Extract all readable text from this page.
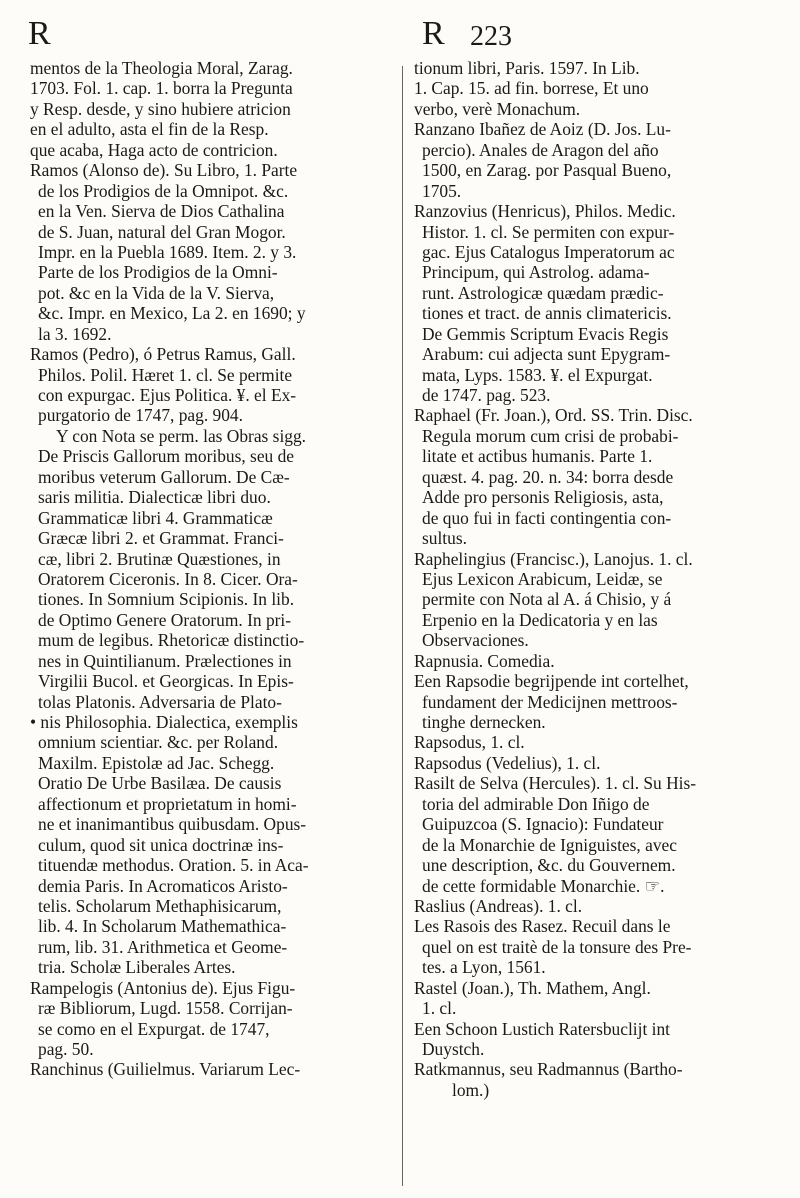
R	R 223
mentos de la Theologia Moral, Zarag.
1703. Fol. 1. cap. 1. borra la Pregunta
y Resp. desde, y sino hubiere atricion
en el adulto, asta el fin de la Resp.
que acaba, Haga acto de contricion.
Ramos (Alonso de). Su Libro, 1. Parte
de los Prodigios de la Omnipot. &c.
en la Ven. Sierva de Dios Cathalina
de S. Juan, natural del Gran Mogor.
Impr. en la Puebla 1689. Item. 2. y 3.
Parte de los Prodigios de la Omni-
pot. &c en la Vida de la V. Sierva,
&c. Impr. en Mexico, La 2. en 1690; y
la 3. 1692.
Ramos (Pedro), ó Petrus Ramus, Gall.
Philos. Polil. Hæret 1. cl. Se permite
con expurgac. Ejus Politica. ¥. el Ex-
purgatorio de 1747, pag. 904.
Y con Nota se perm. las Obras sigg.
De Priscis Gallorum moribus, seu de
moribus veterum Gallorum. De Cæ-
saris militia. Dialecticæ libri duo.
Grammaticæ libri 4. Grammaticæ
Græcæ libri 2. et Grammat. Franci-
cæ, libri 2. Brutinæ Quæstiones, in
Oratorem Ciceronis. In 8. Cicer. Ora-
tiones. In Somnium Scipionis. In lib.
de Optimo Genere Oratorum. In pri-
mum de legibus. Rhetoricæ distinctio-
nes in Quintilianum. Prælectiones in
Virgilii Bucol. et Georgicas. In Epis-
tolas Platonis. Adversaria de Plato-
• nis Philosophia. Dialectica, exemplis
omnium scientiar. &c. per Roland.
Maxilm. Epistolæ ad Jac. Schegg.
Oratio De Urbe Basilæa. De causis
affectionum et proprietatum in homi-
ne et inanimantibus quibusdam. Opus-
culum, quod sit unica doctrinæ ins-
tituendæ methodus. Oration. 5. in Aca-
demia Paris. In Acromaticos Aristo-
telis. Scholarum Methaphisicarum,
lib. 4. In Scholarum Mathemathica-
rum, lib. 31. Arithmetica et Geome-
tria. Scholæ Liberales Artes.
Rampelogis (Antonius de). Ejus Figu-
ræ Bibliorum, Lugd. 1558. Corrijan-
se como en el Expurgat. de 1747,
pag. 50.
Ranchinus (Guilielmus. Variarum Lec-
tionum libri, Paris. 1597. In Lib.
1. Cap. 15. ad fin. borrese, Et uno
verbo, verè Monachum.
Ranzano Ibañez de Aoiz (D. Jos. Lu-
percio). Anales de Aragon del año
1500, en Zarag. por Pasqual Bueno,
1705.
Ranzovius (Henricus), Philos. Medic.
Histor. 1. cl. Se permiten con expur-
gac. Ejus Catalogus Imperatorum ac
Principum, qui Astrolog. adama-
runt. Astrologicæ quædam prædic-
tiones et tract. de annis climatericis.
De Gemmis Scriptum Evacis Regis
Arabum: cui adjecta sunt Epygram-
mata, Lyps. 1583. ¥. el Expurgat.
de 1747. pag. 523.
Raphael (Fr. Joan.), Ord. SS. Trin. Disc.
Regula morum cum crisi de probabi-
litate et actibus humanis. Parte 1.
quæst. 4. pag. 20. n. 34: borra desde
Adde pro personis Religiosis, asta,
de quo fui in facti contingentia con-
sultus.
Raphelingius (Francisc.), Lanojus. 1. cl.
Ejus Lexicon Arabicum, Leidæ, se
permite con Nota al A. á Chisio, y á
Erpenio en la Dedicatoria y en las
Observaciones.
Rapnusia. Comedia.
Een Rapsodie begrijpende int cortelhet,
fundament der Medicijnen mettroos-
tinghe dernecken.
Rapsodus, 1. cl.
Rapsodus (Vedelius), 1. cl.
Rasilt de Selva (Hercules). 1. cl. Su His-
toria del admirable Don Iñigo de
Guipuzcoa (S. Ignacio): Fundateur
de la Monarchie de Igniguistes, avec
une description, &c. du Gouvernem.
de cette formidable Monarchie. ☞.
Raslius (Andreas). 1. cl.
Les Rasois des Rasez. Recuil dans le
quel on est traitè de la tonsure des Pre-
tes. a Lyon, 1561.
Rastel (Joan.), Th. Mathem, Angl.
1. cl.
Een Schoon Lustich Ratersbuclijt int
Duystch.
Ratkmannus, seu Radmannus (Bartho-
lom.)
